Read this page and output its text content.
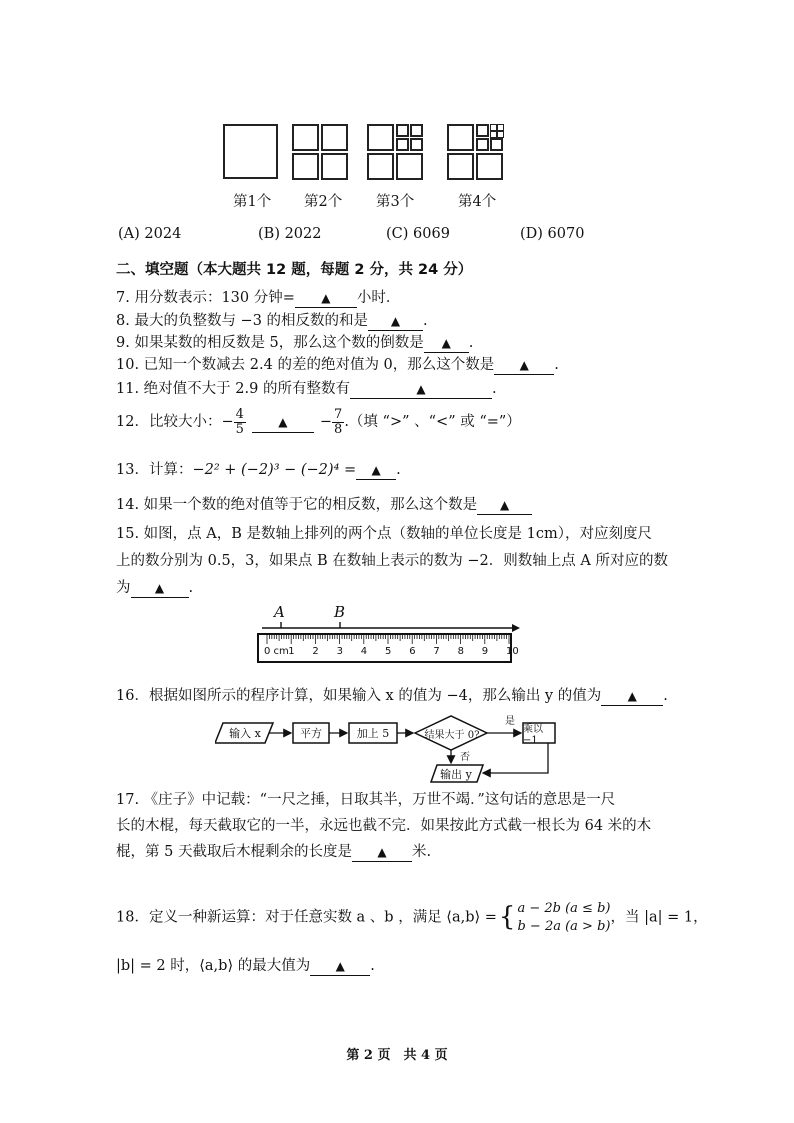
第1个 第2个 第3个	第4个
(A) 2024	(B) 2022	(C) 6069	(D) 6070
二、填空题（本大题共 12 题，每题 2 分，共 24 分）
7. 用分数表示：130 分钟= ▲ 小时．
8. 最大的负整数与 −3 的相反数的和是 ▲ .
9. 如果某数的相反数是 5，那么这个数的倒数是 ▲ .
10. 已知一个数减去 2.4 的差的绝对值为 0，那么这个数是 ▲ .
11. 绝对值不大于 2.9 的所有整数有	▲	.
12．比较大小：− $\frac{4}{5}$	▲ − $\frac{7}{8}$ .（填 “>” 、“<” 或 “=”）
13．计算：−2² + (−2)³ − (−2)⁴ = ▲ .
14. 如果一个数的绝对值等于它的相反数，那么这个数是 ▲
15. 如图，点 A，B 是数轴上排列的两个点（数轴的单位长度是 1cm），对应刻度尺
上的数分别为 0.5，3，如果点 B 在数轴上表示的数为 −2．则数轴上点 A 所对应的数
为 ▲ .
A	B
0 cm 1 2 3 4 5 6 7 8 9 10
16．根据如图所示的程序计算，如果输入 x 的值为 −4，那么输出 y 的值为 ▲ .
输入 x	平方	加上 5	结果大于 0?
是
否
乘以 −1
输出 y
17. 《庄子》中记载：“一尺之捶，日取其半，万世不竭．”这句话的意思是一尺
长的木棍，每天截取它的一半，永远也截不完．如果按此方式截一根长为 64 米的木
棍，第 5 天截取后木棍剩余的长度是 ▲ 米.
18．定义一种新运算：对于任意实数 a 、b ，满足 ⟨a,b⟩ ={ a − 2b (a ≤ b)
b − 2a (a > b)
，当 |a| = 1，
|b| = 2 时，⟨a,b⟩ 的最大值为 ▲ .
第 2 页　共 4 页
